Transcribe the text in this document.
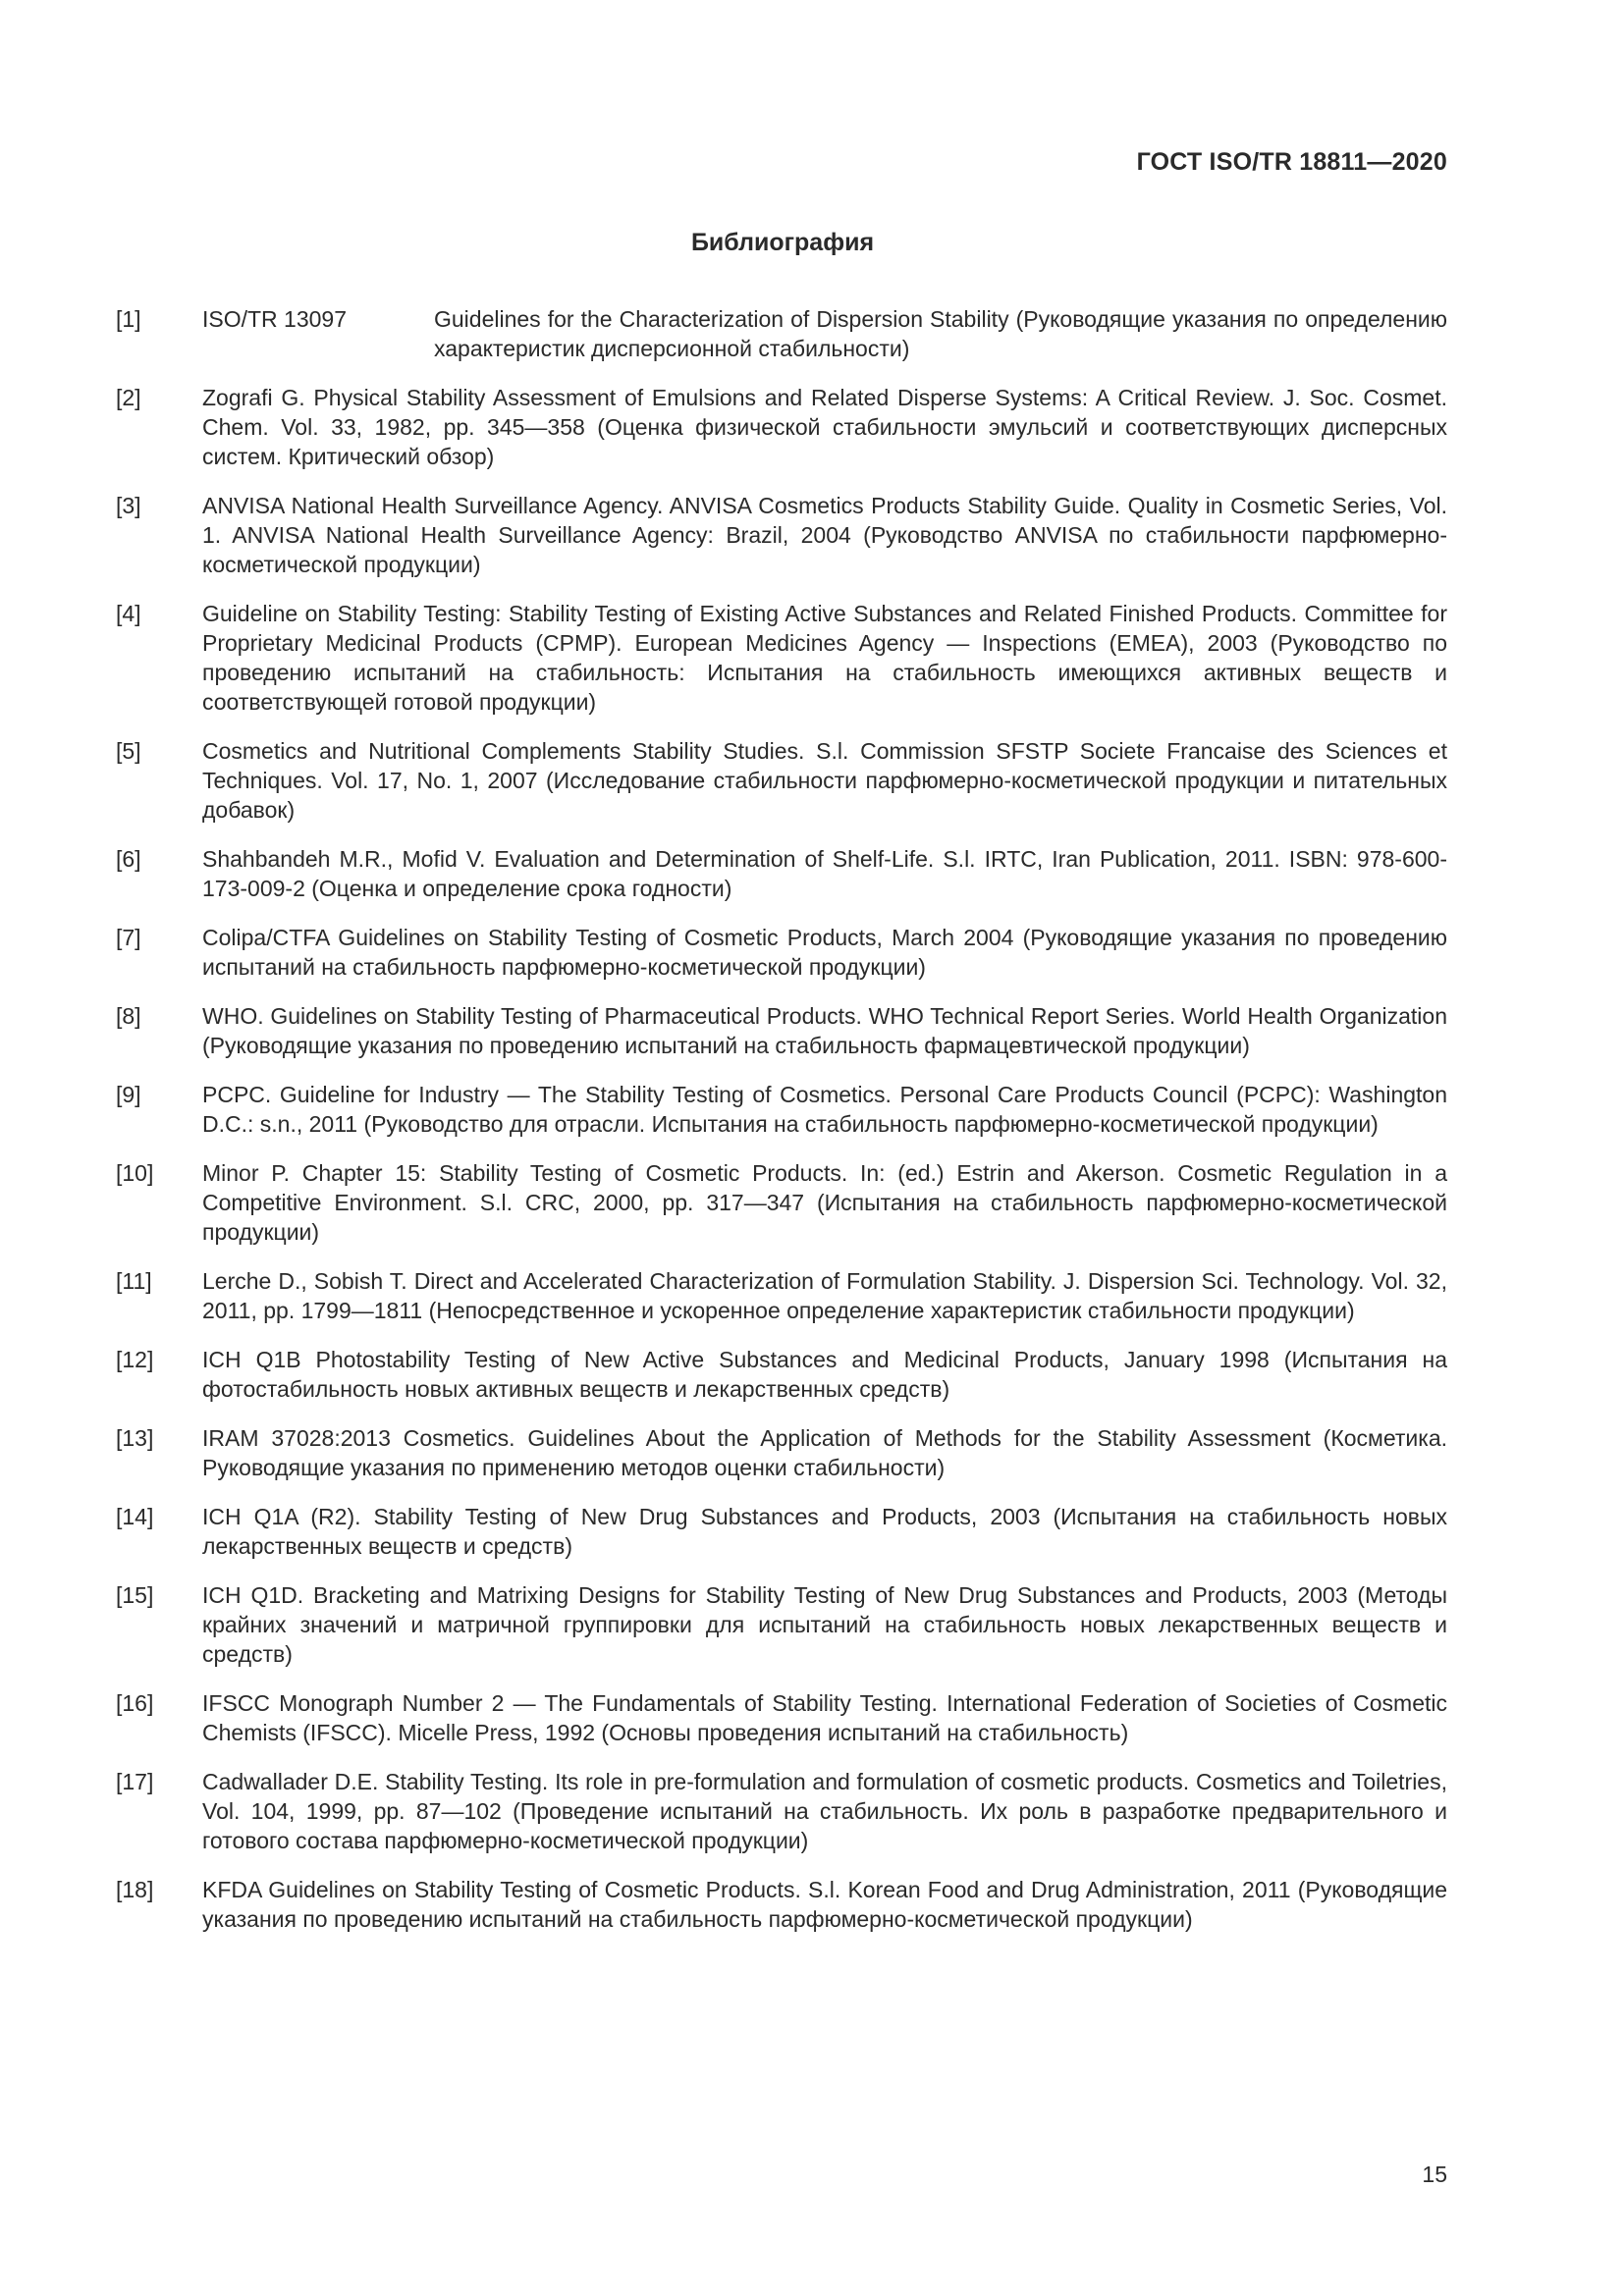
ГОСТ ISO/TR 18811—2020
Библиография
[1]	ISO/TR 13097	Guidelines for the Characterization of Dispersion Stability (Руководящие указания по определению характеристик дисперсионной стабильности)
[2]	Zografi G. Physical Stability Assessment of Emulsions and Related Disperse Systems: A Critical Review. J. Soc. Cosmet. Chem. Vol. 33, 1982, pp. 345—358 (Оценка физической стабильности эмульсий и соответствующих дисперсных систем. Критический обзор)
[3]	ANVISA National Health Surveillance Agency. ANVISA Cosmetics Products Stability Guide. Quality in Cosmetic Series, Vol. 1. ANVISA National Health Surveillance Agency: Brazil, 2004 (Руководство ANVISA по стабильности парфюмерно-косметической продукции)
[4]	Guideline on Stability Testing: Stability Testing of Existing Active Substances and Related Finished Products. Committee for Proprietary Medicinal Products (CPMP). European Medicines Agency — Inspections (EMEA), 2003 (Руководство по проведению испытаний на стабильность: Испытания на стабильность имеющихся активных веществ и соответствующей готовой продукции)
[5]	Cosmetics and Nutritional Complements Stability Studies. S.l. Commission SFSTP Societe Francaise des Sciences et Techniques. Vol. 17, No. 1, 2007 (Исследование стабильности парфюмерно-косметической продукции и питательных добавок)
[6]	Shahbandeh M.R., Mofid V. Evaluation and Determination of Shelf-Life. S.l. IRTC, Iran Publication, 2011. ISBN: 978-600-173-009-2 (Оценка и определение срока годности)
[7]	Colipa/CTFA Guidelines on Stability Testing of Cosmetic Products, March 2004 (Руководящие указания по проведению испытаний на стабильность парфюмерно-косметической продукции)
[8]	WHO. Guidelines on Stability Testing of Pharmaceutical Products. WHO Technical Report Series. World Health Organization (Руководящие указания по проведению испытаний на стабильность фармацевтической продукции)
[9]	PCPC. Guideline for Industry — The Stability Testing of Cosmetics. Personal Care Products Council (PCPC): Washington D.C.: s.n., 2011 (Руководство для отрасли. Испытания на стабильность парфюмерно-косметической продукции)
[10]	Minor P. Chapter 15: Stability Testing of Cosmetic Products. In: (ed.) Estrin and Akerson. Cosmetic Regulation in a Competitive Environment. S.l. CRC, 2000, pp. 317—347 (Испытания на стабильность парфюмерно-косметической продукции)
[11]	Lerche D., Sobish T. Direct and Accelerated Characterization of Formulation Stability. J. Dispersion Sci. Technology. Vol. 32, 2011, pp. 1799—1811 (Непосредственное и ускоренное определение характеристик стабильности продукции)
[12]	ICH Q1B Photostability Testing of New Active Substances and Medicinal Products, January 1998 (Испытания на фотостабильность новых активных веществ и лекарственных средств)
[13]	IRAM 37028:2013 Cosmetics. Guidelines About the Application of Methods for the Stability Assessment (Косметика. Руководящие указания по применению методов оценки стабильности)
[14]	ICH Q1A (R2). Stability Testing of New Drug Substances and Products, 2003 (Испытания на стабильность новых лекарственных веществ и средств)
[15]	ICH Q1D. Bracketing and Matrixing Designs for Stability Testing of New Drug Substances and Products, 2003 (Методы крайних значений и матричной группировки для испытаний на стабильность новых лекарственных веществ и средств)
[16]	IFSCC Monograph Number 2 — The Fundamentals of Stability Testing. International Federation of Societies of Cosmetic Chemists (IFSCC). Micelle Press, 1992 (Основы проведения испытаний на стабильность)
[17]	Cadwallader D.E. Stability Testing. Its role in pre-formulation and formulation of cosmetic products. Cosmetics and Toiletries, Vol. 104, 1999, pp. 87—102 (Проведение испытаний на стабильность. Их роль в разработке предварительного и готового состава парфюмерно-косметической продукции)
[18]	KFDA Guidelines on Stability Testing of Cosmetic Products. S.l. Korean Food and Drug Administration, 2011 (Руководящие указания по проведению испытаний на стабильность парфюмерно-косметической продукции)
15
